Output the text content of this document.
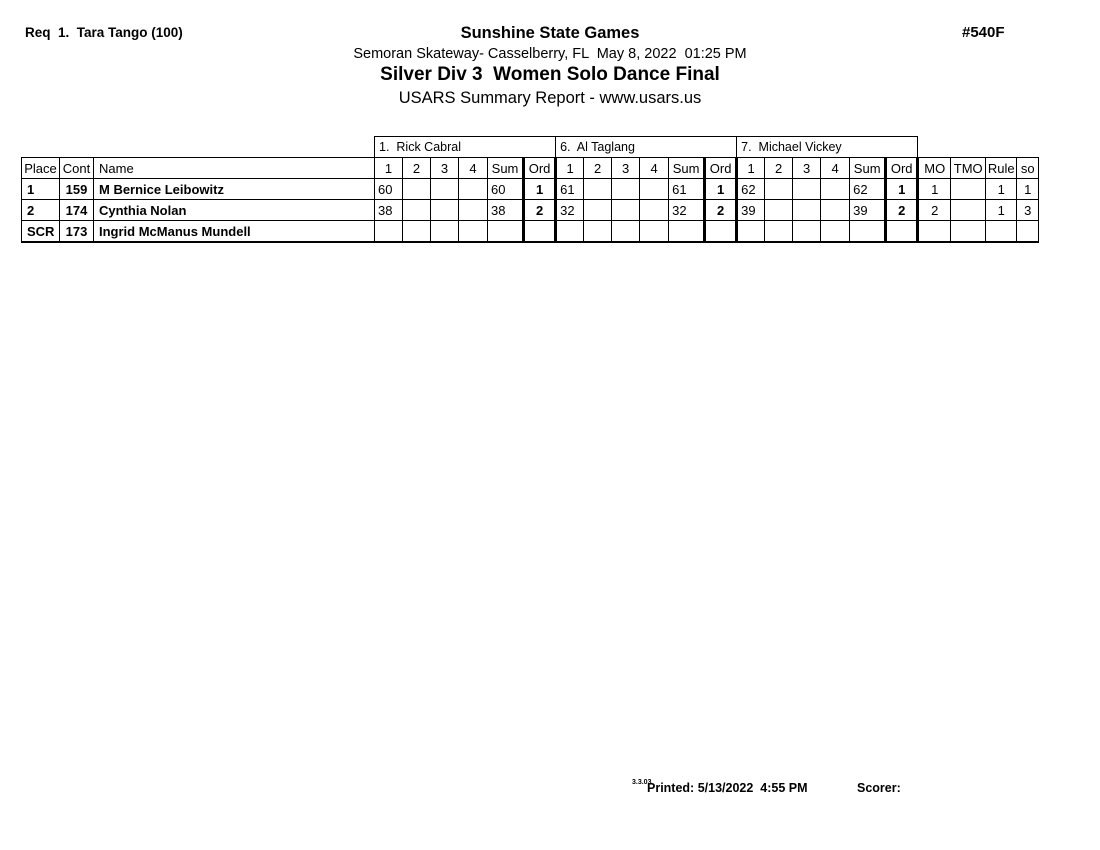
Req  1.  Tara Tango (100)	Sunshine State Games	#540F
Semoran Skateway- Casselberry, FL  May 8, 2022  01:25 PM
Silver Div 3  Women Solo Dance Final
USARS Summary Report - www.usars.us
			1.  Rick Cabral						6.  Al Taglang						7.  Michael Vickey									
Place	Cont	Name	1	2	3	4	Sum	Ord	1	2	3	4	Sum	Ord	1	2	3	4	Sum	Ord	MO	TMO	Rule	so
1	159	M Bernice Leibowitz	60				60	1	61				61	1	62				62	1	1		1	1
2	174	Cynthia Nolan	38				38	2	32				32	2	39				39	2	2		1	3
SCR	173	Ingrid McManus Mundell																						
3.3.03
Printed: 5/13/2022  4:55 PM	Scorer:
